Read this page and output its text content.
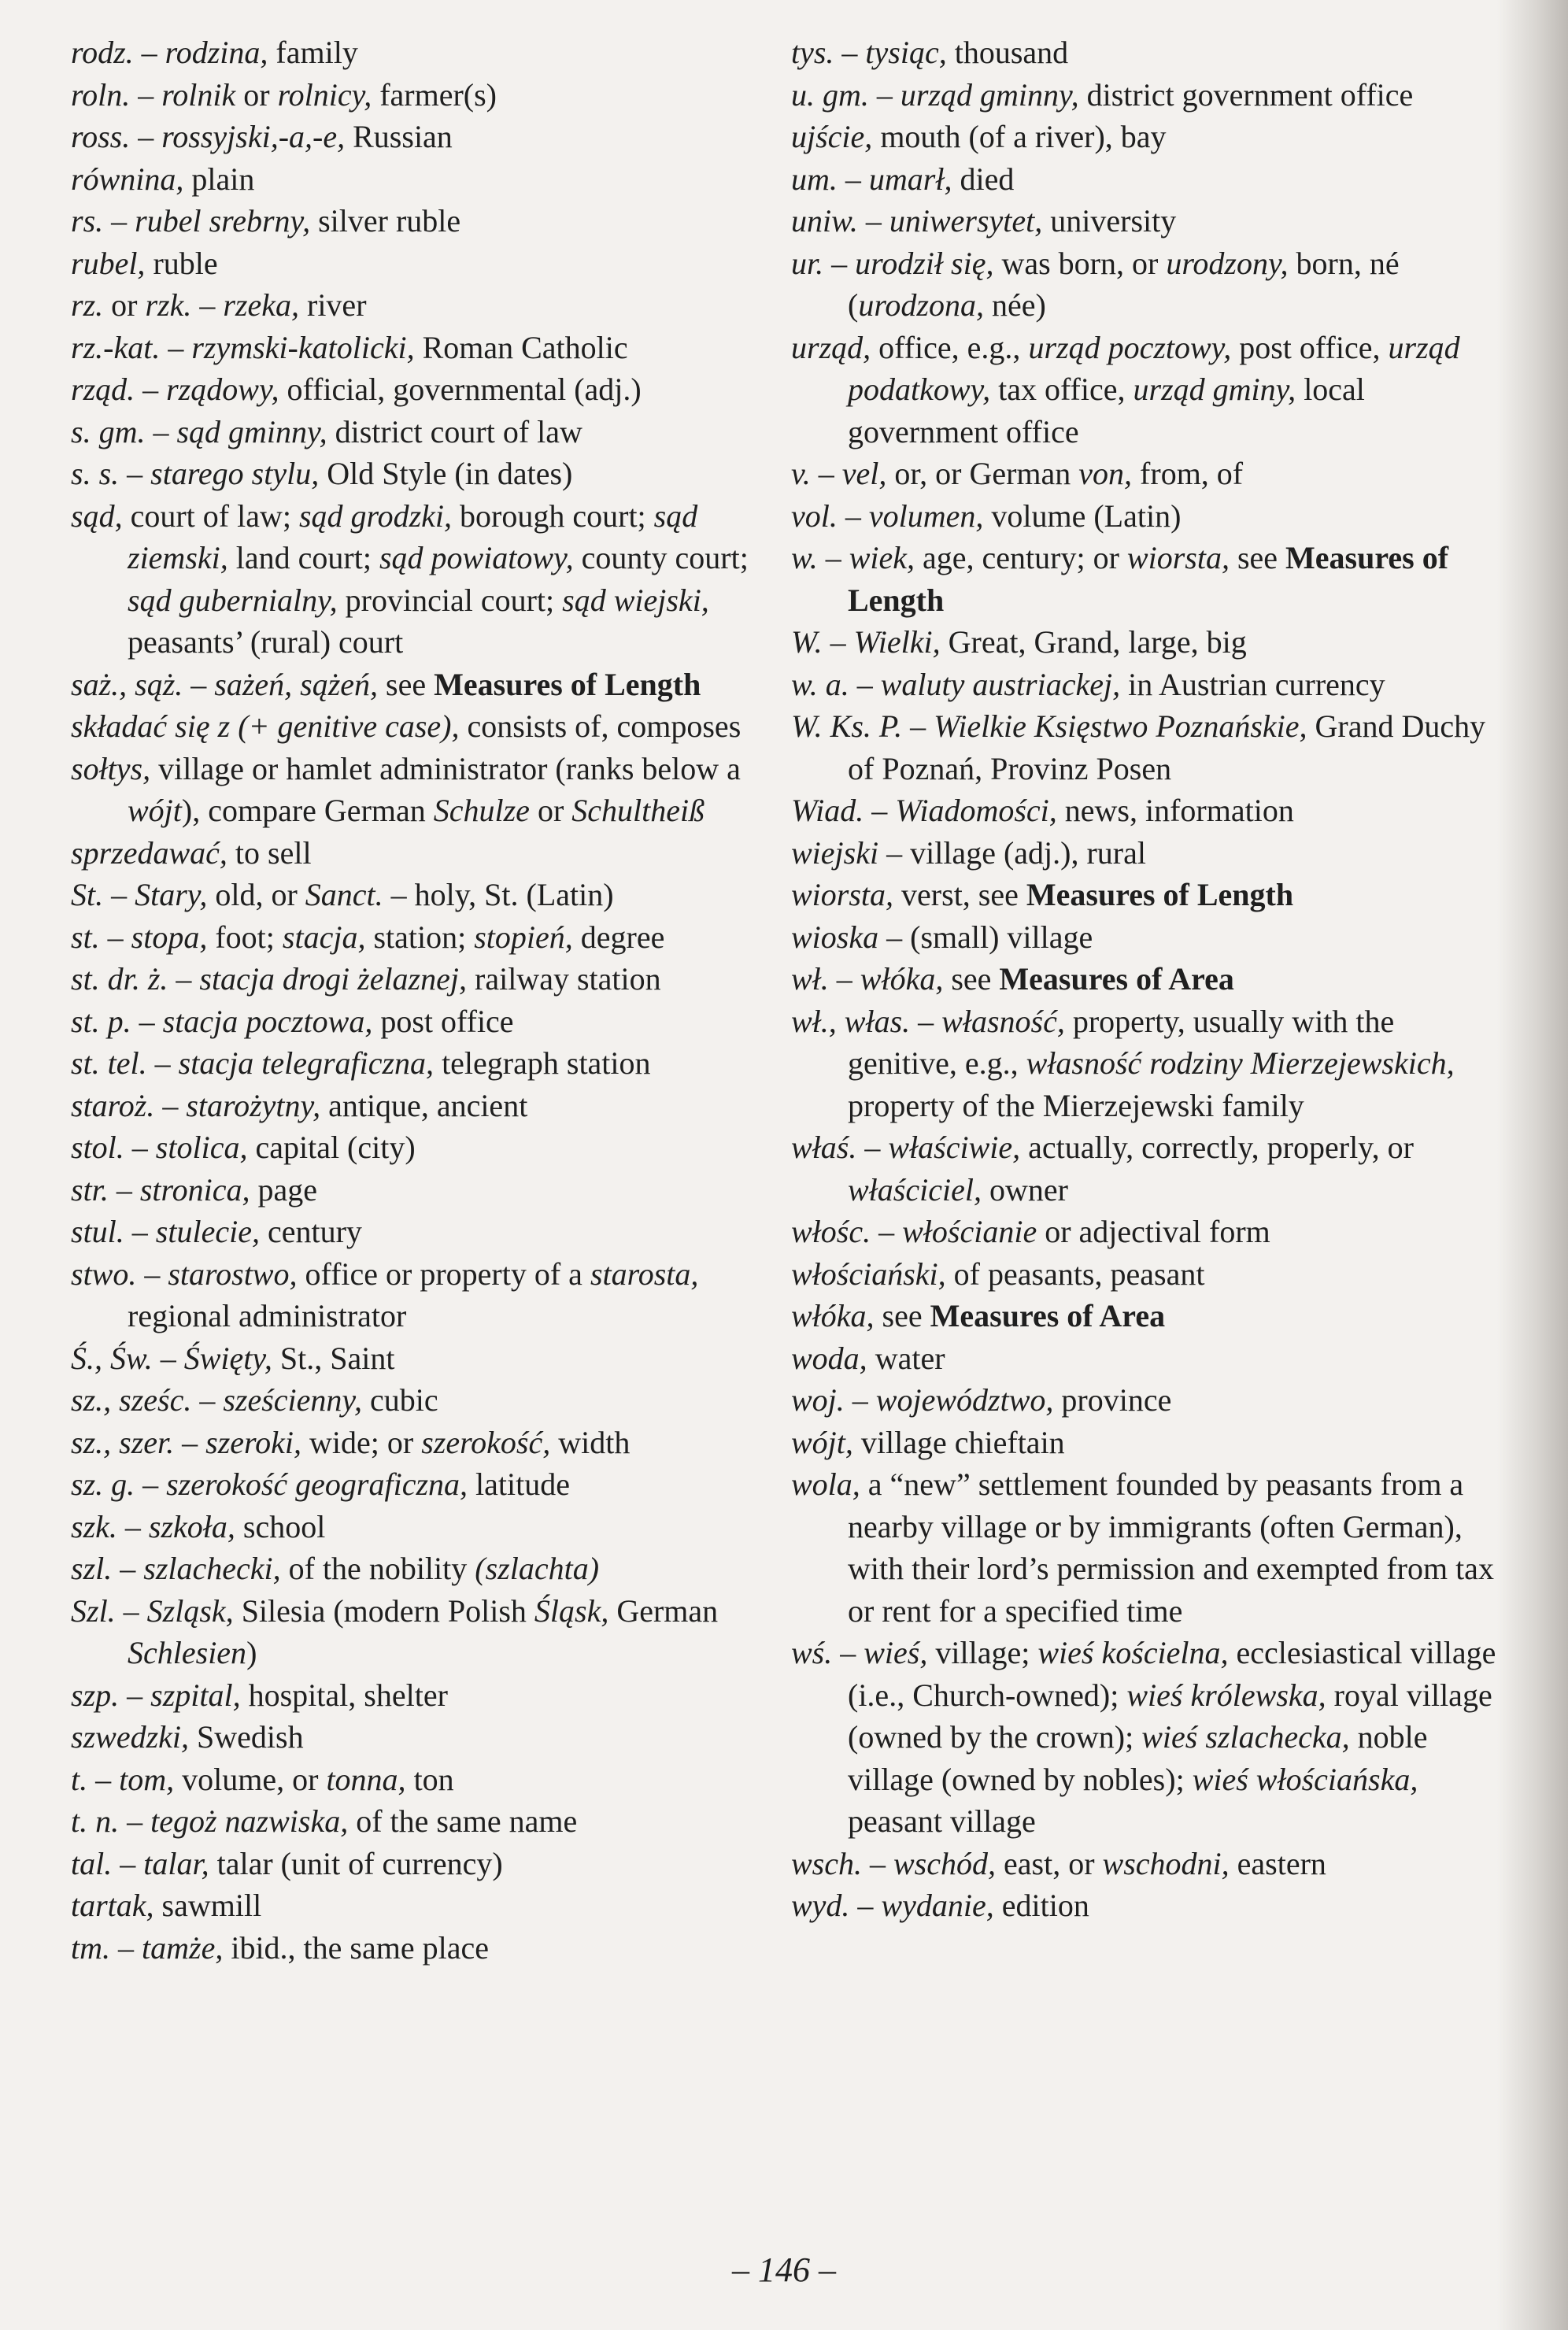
rodz. – rodzina, family
roln. – rolnik or rolnicy, farmer(s)
ross. – rossyjski,-a,-e, Russian
równina, plain
rs. – rubel srebrny, silver ruble
rubel, ruble
rz. or rzk. – rzeka, river
rz.-kat. – rzymski-katolicki, Roman Catholic
rząd. – rządowy, official, governmental (adj.)
s. gm. – sąd gminny, district court of law
s. s. – starego stylu, Old Style (in dates)
sąd, court of law; sąd grodzki, borough court; sąd ziemski, land court; sąd powiatowy, county court; sąd gubernialny, provincial court; sąd wiejski, peasants’ (rural) court
saż., sąż. – sażeń, sążeń, see Measures of Length
składać się z (+ genitive case), consists of, composes
sołtys, village or hamlet administrator (ranks below a wójt), compare German Schulze or Schultheiß
sprzedawać, to sell
St. – Stary, old, or Sanct. – holy, St. (Latin)
st. – stopa, foot; stacja, station; stopień, degree
st. dr. ż. – stacja drogi żelaznej, railway station
st. p. – stacja pocztowa, post office
st. tel. – stacja telegraficzna, telegraph station
staroż. – starożytny, antique, ancient
stol. – stolica, capital (city)
str. – stronica, page
stul. – stulecie, century
stwo. – starostwo, office or property of a starosta, regional administrator
Ś., Św. – Święty, St., Saint
sz., sześc. – sześcienny, cubic
sz., szer. – szeroki, wide; or szerokość, width
sz. g. – szerokość geograficzna, latitude
szk. – szkoła, school
szl. – szlachecki, of the nobility (szlachta)
Szl. – Szląsk, Silesia (modern Polish Śląsk, German Schlesien)
szp. – szpital, hospital, shelter
szwedzki, Swedish
t. – tom, volume, or tonna, ton
t. n. – tegoż nazwiska, of the same name
tal. – talar, talar (unit of currency)
tartak, sawmill
tm. – tamże, ibid., the same place
tys. – tysiąc, thousand
u. gm. – urząd gminny, district government office
ujście, mouth (of a river), bay
um. – umarł, died
uniw. – uniwersytet, university
ur. – urodził się, was born, or urodzony, born, né (urodzona, née)
urząd, office, e.g., urząd pocztowy, post office, urząd podatkowy, tax office, urząd gminy, local government office
v. – vel, or, or German von, from, of
vol. – volumen, volume (Latin)
w. – wiek, age, century; or wiorsta, see Measures of Length
W. – Wielki, Great, Grand, large, big
w. a. – waluty austriackej, in Austrian currency
W. Ks. P. – Wielkie Księstwo Poznańskie, Grand Duchy of Poznań, Provinz Posen
Wiad. – Wiadomości, news, information
wiejski – village (adj.), rural
wiorsta, verst, see Measures of Length
wioska – (small) village
wł. – włóka, see Measures of Area
wł., włas. – własność, property, usually with the genitive, e.g., własność rodziny Mierzejewskich, property of the Mierzejewski family
właś. – właściwie, actually, correctly, properly, or właściciel, owner
włośc. – włościanie or adjectival form
włościański, of peasants, peasant
włóka, see Measures of Area
woda, water
woj. – województwo, province
wójt, village chieftain
wola, a “new” settlement founded by peasants from a nearby village or by immigrants (often German), with their lord’s permission and exempted from tax or rent for a specified time
wś. – wieś, village; wieś kościelna, ecclesiastical village (i.e., Church-owned); wieś królewska, royal village (owned by the crown); wieś szlachecka, noble village (owned by nobles); wieś włościańska, peasant village
wsch. – wschód, east, or wschodni, eastern
wyd. – wydanie, edition
– 146 –
